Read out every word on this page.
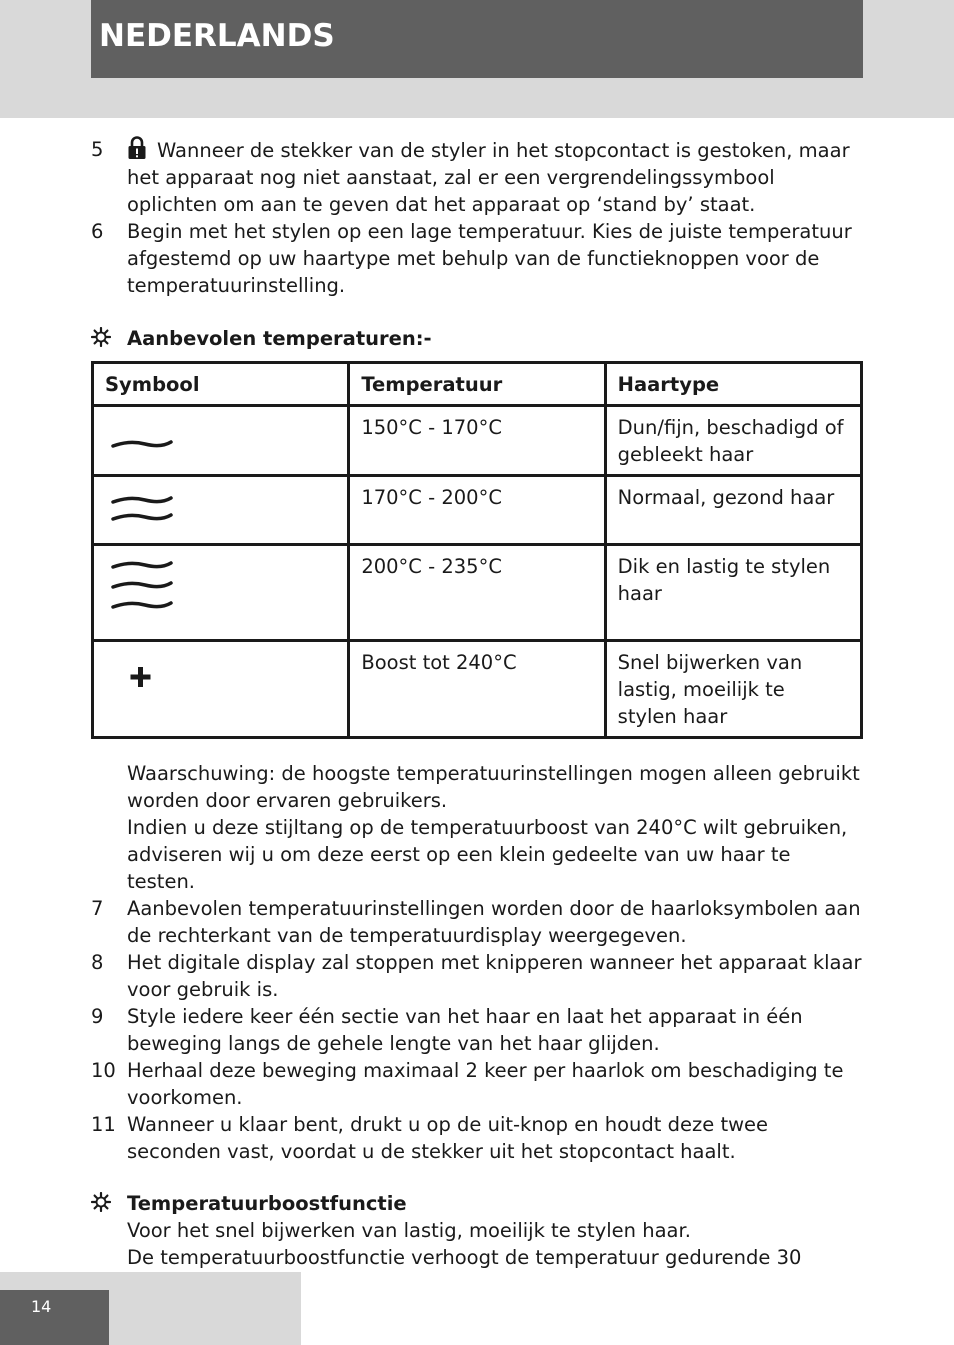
NEDERLANDS
5	Wanneer de stekker van de styler in het stopcontact is gestoken, maar het apparaat nog niet aanstaat, zal er een vergrendelingssymbool oplichten om aan te geven dat het apparaat op ‘stand by’ staat.
6	Begin met het stylen op een lage temperatuur. Kies de juiste temperatuur afgestemd op uw haartype met behulp van de functieknoppen voor de temperatuurinstelling.
Aanbevolen temperaturen:-
Symbool	Temperatuur	Haartype

	150°C - 170°C	Dun/fijn, beschadigd of gebleekt haar

	170°C - 200°C	Normaal, gezond haar

	200°C - 235°C	Dik en lastig te stylen haar

	Boost tot 240°C	Snel bijwerken van lastig, moeilijk te stylen haar
Waarschuwing: de hoogste temperatuurinstellingen mogen alleen gebruikt worden door ervaren gebruikers.
Indien u deze stijltang op de temperatuurboost van 240°C wilt gebruiken, adviseren wij u om deze eerst op een klein gedeelte van uw haar te testen.
7	Aanbevolen temperatuurinstellingen worden door de haarloksymbolen aan de rechterkant van de temperatuurdisplay weergegeven.
8	Het digitale display zal stoppen met knipperen wanneer het apparaat klaar voor gebruik is.
9	Style iedere keer één sectie van het haar en laat het apparaat in één beweging langs de gehele lengte van het haar glijden.
10 Herhaal deze beweging maximaal 2 keer per haarlok om beschadiging te voorkomen.
11 Wanneer u klaar bent, drukt u op de uit-knop en houdt deze twee seconden vast, voordat u de stekker uit het stopcontact haalt.
Temperatuurboostfunctie
Voor het snel bijwerken van lastig, moeilijk te stylen haar.
De temperatuurboostfunctie verhoogt de temperatuur gedurende 30
14
